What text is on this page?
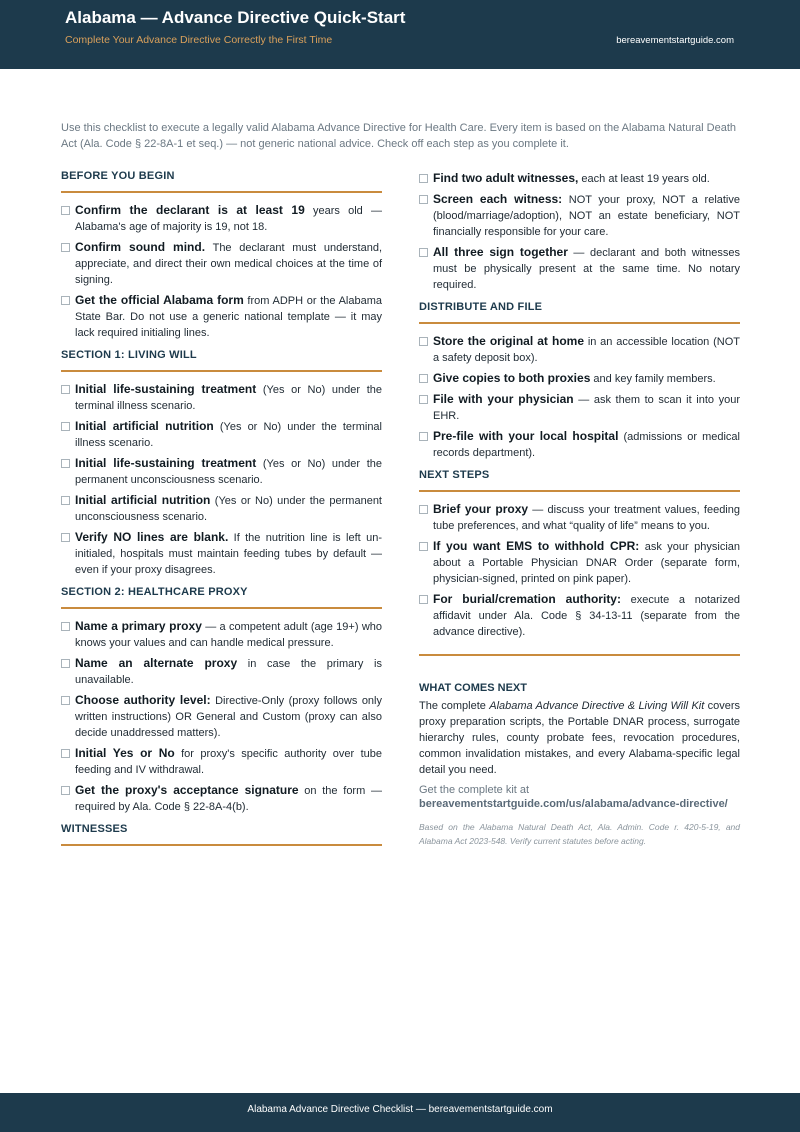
Alabama — Advance Directive Quick-Start
Complete Your Advance Directive Correctly the First Time	bereavementstartguide.com
Use this checklist to execute a legally valid Alabama Advance Directive for Health Care. Every item is based on the Alabama Natural Death Act (Ala. Code § 22-8A-1 et seq.) — not generic national advice. Check off each step as you complete it.
BEFORE YOU BEGIN
Confirm the declarant is at least 19 years old — Alabama's age of majority is 19, not 18.
Confirm sound mind. The declarant must understand, appreciate, and direct their own medical choices at the time of signing.
Get the official Alabama form from ADPH or the Alabama State Bar. Do not use a generic national template — it may lack required initialing lines.
SECTION 1: LIVING WILL
Initial life-sustaining treatment (Yes or No) under the terminal illness scenario.
Initial artificial nutrition (Yes or No) under the terminal illness scenario.
Initial life-sustaining treatment (Yes or No) under the permanent unconsciousness scenario.
Initial artificial nutrition (Yes or No) under the permanent unconsciousness scenario.
Verify NO lines are blank. If the nutrition line is left un-initialed, hospitals must maintain feeding tubes by default — even if your proxy disagrees.
SECTION 2: HEALTHCARE PROXY
Name a primary proxy — a competent adult (age 19+) who knows your values and can handle medical pressure.
Name an alternate proxy in case the primary is unavailable.
Choose authority level: Directive-Only (proxy follows only written instructions) OR General and Custom (proxy can also decide unaddressed matters).
Initial Yes or No for proxy's specific authority over tube feeding and IV withdrawal.
Get the proxy's acceptance signature on the form — required by Ala. Code § 22-8A-4(b).
WITNESSES
Find two adult witnesses, each at least 19 years old.
Screen each witness: NOT your proxy, NOT a relative (blood/marriage/adoption), NOT an estate beneficiary, NOT financially responsible for your care.
All three sign together — declarant and both witnesses must be physically present at the same time. No notary required.
DISTRIBUTE AND FILE
Store the original at home in an accessible location (NOT a safety deposit box).
Give copies to both proxies and key family members.
File with your physician — ask them to scan it into your EHR.
Pre-file with your local hospital (admissions or medical records department).
NEXT STEPS
Brief your proxy — discuss your treatment values, feeding tube preferences, and what “quality of life” means to you.
If you want EMS to withhold CPR: ask your physician about a Portable Physician DNAR Order (separate form, physician-signed, printed on pink paper).
For burial/cremation authority: execute a notarized affidavit under Ala. Code § 34-13-11 (separate from the advance directive).
WHAT COMES NEXT
The complete Alabama Advance Directive & Living Will Kit covers proxy preparation scripts, the Portable DNAR process, surrogate hierarchy rules, county probate fees, revocation procedures, common invalidation mistakes, and every Alabama-specific legal detail you need.
Get the complete kit at
bereavementstartguide.com/us/alabama/advance-directive/
Based on the Alabama Natural Death Act, Ala. Admin. Code r. 420-5-19, and Alabama Act 2023-548. Verify current statutes before acting.
Alabama Advance Directive Checklist — bereavementstartguide.com
